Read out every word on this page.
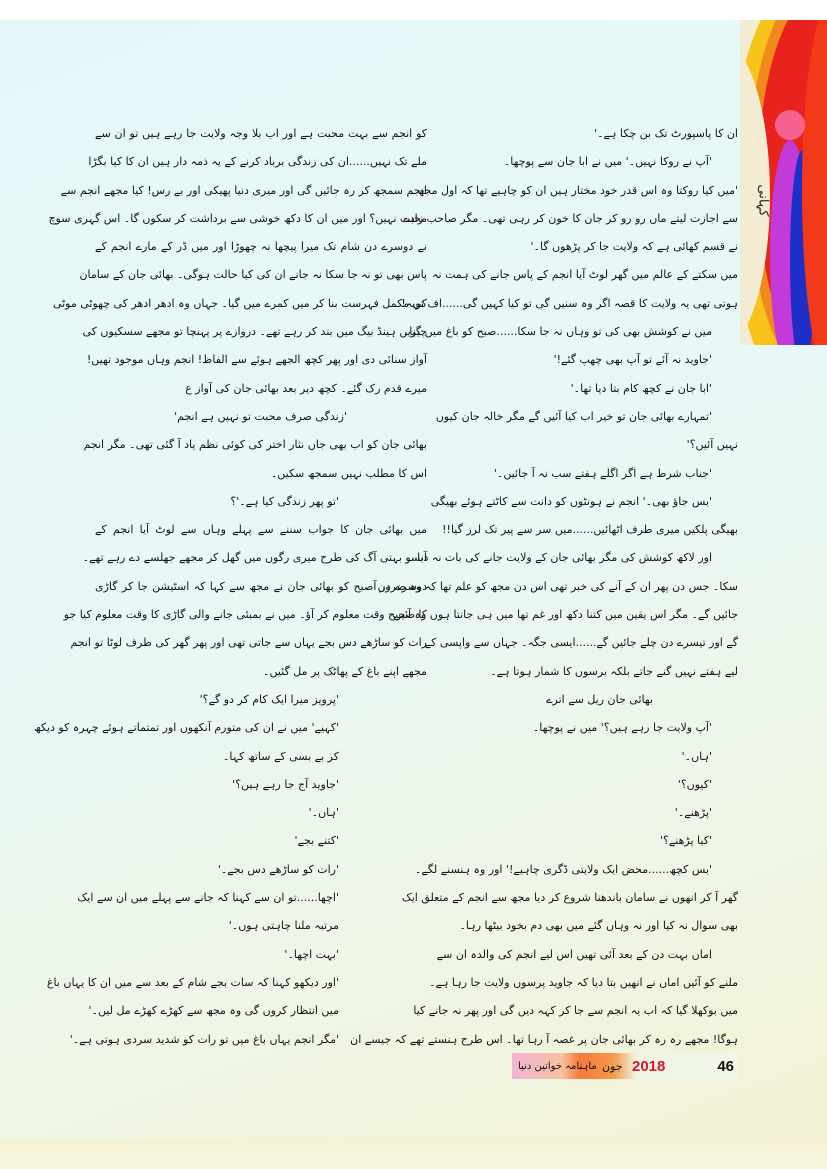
کہانی
ان کا پاسپورٹ تک بن چکا ہے۔'
'آپ نے روکا نہیں۔' میں نے ابا جان سے پوچھا۔
'میں کیا روکتا وہ اس قدر خود مختار ہیں ان کو چاہیے تھا کہ اول مجھ
سے اجازت لیتے ماں رو رو کر جان کا خون کر رہی تھی۔ مگر صاحب زادے
نے قسم کھائی ہے کہ ولایت جا کر پڑھوں گا۔'
میں سکتے کے عالم میں گھر لوٹ آیا انجم کے پاس جانے کی ہمت نہ
ہوتی تھی یہ ولایت کا قصہ اگر وہ سنیں گی تو کیا کہیں گی......اف توبہ!
میں نے کوشش بھی کی تو وہاں نہ جا سکا......صبح کو باغ میں گیا۔
'جاوید نہ آئے تو آپ بھی چھپ گئے!'
'ابا جان نے کچھ کام بتا دیا تھا۔'
'تمہارے بھائی جان تو خیر اب کیا آئیں گے مگر خالہ جان کیوں
نہیں آئیں؟'
'جناب شرط ہے اگر اگلے ہفتے سب نہ آ جائیں۔'
'بس جاؤ بھی۔' انجم نے ہونٹوں کو دانت سے کاٹتے ہوئے بھیگی
بھیگی پلکیں میری طرف اٹھائیں......میں سر سے پیر تک لرز گیا!!
اور لاکھ کوشش کی مگر بھائی جان کے ولایت جانے کی بات نہ دبا
سکا۔ جس دن پھر ان کے آنے کی خبر تھی اس دن مجھ کو علم تھا کہ وہ ضرور آ
جائیں گے۔ مگر اس یقین میں کتنا دکھ اور غم تھا میں ہی جانتا ہوں وہ آئیں
گے اور تیسرے دن چلے جائیں گے......ایسی جگہ۔ جہاں سے واپسی کے
لیے ہفتے نہیں گنے جاتے بلکہ برسوں کا شمار ہوتا ہے۔
بھائی جان ریل سے اترے
'آپ ولایت جا رہے ہیں؟' میں نے پوچھا۔
'ہاں۔'
'کیوں؟'
'پڑھنے۔'
'کیا پڑھنے؟'
'بس کچھ......محض ایک ولایتی ڈگری چاہیے!' اور وہ ہنسنے لگے۔
گھر آ کر انھوں نے سامان باندھنا شروع کر دیا مجھ سے انجم کے متعلق ایک
بھی سوال نہ کیا اور نہ وہاں گئے میں بھی دم بخود بیٹھا رہا۔
اماں بہت دن کے بعد آئی تھیں اس لیے انجم کی والدہ ان سے
ملنے کو آئیں اماں نے انھیں بتا دیا کہ جاوید پرسوں ولایت جا رہا ہے۔
میں بوکھلا گیا کہ اب یہ انجم سے جا کر کہہ دیں گی اور پھر نہ جانے کیا
ہوگا! مجھے رہ رہ کر بھائی جان پر غصہ آ رہا تھا۔ اس طرح ہنستے تھے کہ جیسے ان
کو انجم سے بہت محبت ہے اور اب بلا وجہ ولایت جا رہے ہیں تو ان سے
ملے تک نہیں......ان کی زندگی برباد کرنے کے یہ ذمہ دار ہیں ان کا کیا بگڑا
انجم سمجھ کر رہ جائیں گی اور میری دنیا پھیکی اور بے رس! کیا مجھے انجم سے
محبت نہیں؟ اور میں ان کا دکھ خوشی سے برداشت کر سکوں گا۔ اس گہری سوچ
نے دوسرے دن شام تک میرا پیچھا نہ چھوڑا اور میں ڈر کے مارے انجم کے
پاس بھی تو نہ جا سکا نہ جانے ان کی کیا حالت ہوگی۔ بھائی جان کے سامان
کی مکمل فہرست بنا کر میں کمرے میں گیا۔ جہاں وہ ادھر ادھر کی چھوٹی موٹی
چیزیں ہینڈ بیگ میں بند کر رہے تھے۔ دروازے پر پہنچا تو مجھے سسکیوں کی
آواز سنائی دی اور پھر کچھ الجھے ہوئے سے الفاظ! انجم وہاں موجود تھیں!
میرے قدم رک گئے۔ کچھ دیر بعد بھائی جان کی آواز ع
'زندگی صرف محبت تو نہیں ہے انجم'
بھائی جان کو اب بھی جاں نثار اختر کی کوئی نظم یاد آ گئی تھی۔ مگر انجم
اس کا مطلب نہیں سمجھ سکیں۔
'تو پھر زندگی کیا ہے۔'؟
میں بھائی جان کا جواب سننے سے پہلے وہاں سے لوٹ آیا انجم کے
آنسو بہتی آگ کی طرح میری رگوں میں گھل کر مجھے جھلسے دے رہے تھے۔
دوسرے دن صبح کو بھائی جان نے مجھ سے کہا کہ اسٹیشن جا کر گاڑی
کا صحیح وقت معلوم کر آؤ۔ میں نے بمبئی جانے والی گاڑی کا وقت معلوم کیا جو
رات کو ساڑھے دس بجے یہاں سے جاتی تھی اور پھر گھر کی طرف لوٹا تو انجم
مجھے اپنے باغ کے پھاٹک پر مل گئیں۔
'پرویز میرا ایک کام کر دو گے؟'
'کہیے' میں نے ان کی متورم آنکھوں اور تمتماتے ہوئے چہرہ کو دیکھ
کر بے بسی کے ساتھ کہا۔
'جاوید آج جا رہے ہیں؟'
'ہاں۔'
'کتنے بجے'
'رات کو ساڑھے دس بجے۔'
'اچھا......تو ان سے کہنا کہ جانے سے پہلے میں ان سے ایک
مرتبہ ملنا چاہتی ہوں۔'
'بہت اچھا۔'
'اور دیکھو کہنا کہ سات بجے شام کے بعد سے میں ان کا یہاں باغ
میں انتظار کروں گی وہ مجھ سے کھڑے کھڑے مل لیں۔'
'مگر انجم یہاں باغ میں تو رات کو شدید سردی ہوتی ہے۔'
ماہنامہ خواتین دنیا جون 2018	46
